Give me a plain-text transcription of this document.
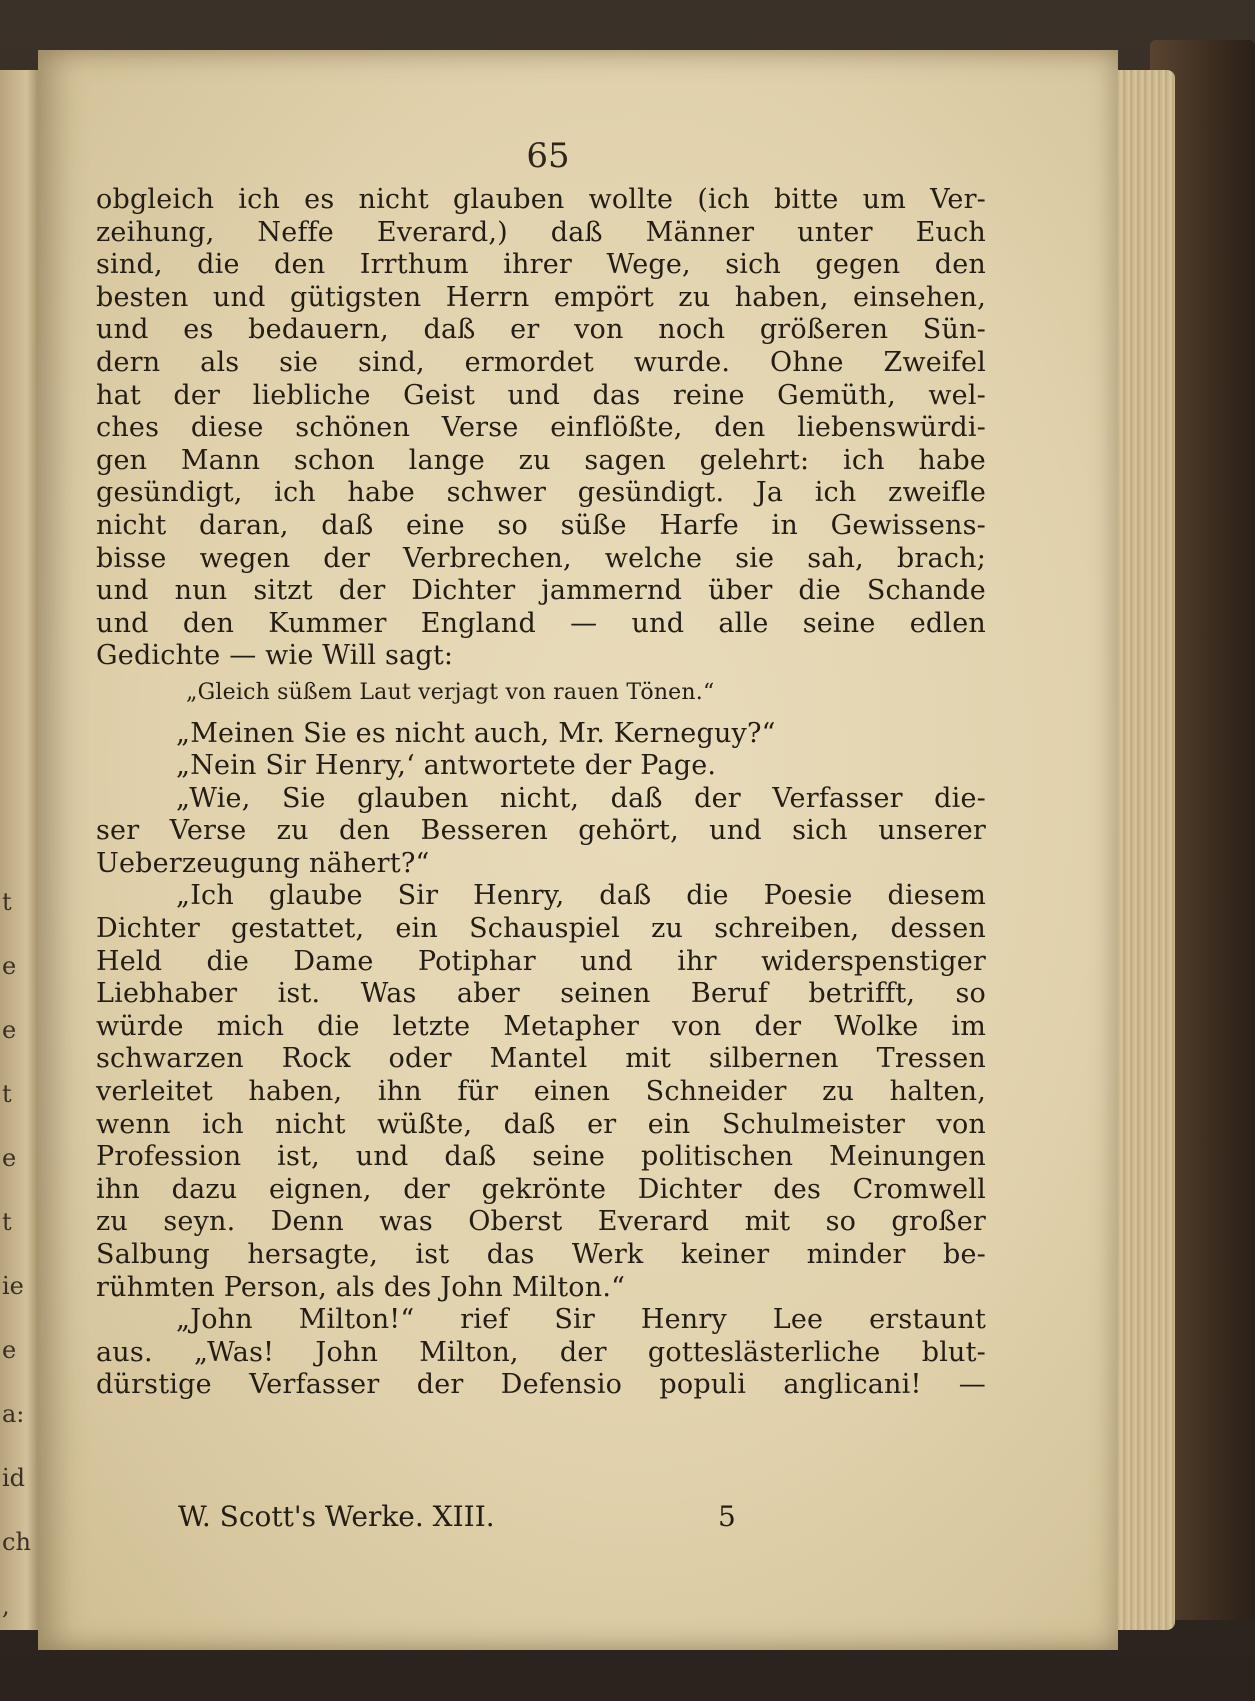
t
e
e
t
e
t
ie
e
a:
id
ch
,
65
obgleich ich es nicht glauben wollte (ich bitte um Ver-
zeihung, Neffe Everard,) daß Männer unter Euch
sind, die den Irrthum ihrer Wege, sich gegen den
besten und gütigsten Herrn empört zu haben, einsehen,
und es bedauern, daß er von noch größeren Sün-
dern als sie sind, ermordet wurde. Ohne Zweifel
hat der liebliche Geist und das reine Gemüth, wel-
ches diese schönen Verse einflößte, den liebenswürdi-
gen Mann schon lange zu sagen gelehrt: ich habe
gesündigt, ich habe schwer gesündigt. Ja ich zweifle
nicht daran, daß eine so süße Harfe in Gewissens-
bisse wegen der Verbrechen, welche sie sah, brach;
und nun sitzt der Dichter jammernd über die Schande
und den Kummer England — und alle seine edlen
Gedichte — wie Will sagt:
„Gleich süßem Laut verjagt von rauen Tönen.“
„Meinen Sie es nicht auch, Mr. Kerneguy?“
„Nein Sir Henry,‘ antwortete der Page.
„Wie, Sie glauben nicht, daß der Verfasser die-
ser Verse zu den Besseren gehört, und sich unserer
Ueberzeugung nähert?“
„Ich glaube Sir Henry, daß die Poesie diesem
Dichter gestattet, ein Schauspiel zu schreiben, dessen
Held die Dame Potiphar und ihr widerspenstiger
Liebhaber ist. Was aber seinen Beruf betrifft, so
würde mich die letzte Metapher von der Wolke im
schwarzen Rock oder Mantel mit silbernen Tressen
verleitet haben, ihn für einen Schneider zu halten,
wenn ich nicht wüßte, daß er ein Schulmeister von
Profession ist, und daß seine politischen Meinungen
ihn dazu eignen, der gekrönte Dichter des Cromwell
zu seyn. Denn was Oberst Everard mit so großer
Salbung hersagte, ist das Werk keiner minder be-
rühmten Person, als des John Milton.“
„John Milton!“ rief Sir Henry Lee erstaunt
aus. „Was! John Milton, der gotteslästerliche blut-
dürstige Verfasser der Defensio populi anglicani! —
W. Scott's Werke. XIII.	5
